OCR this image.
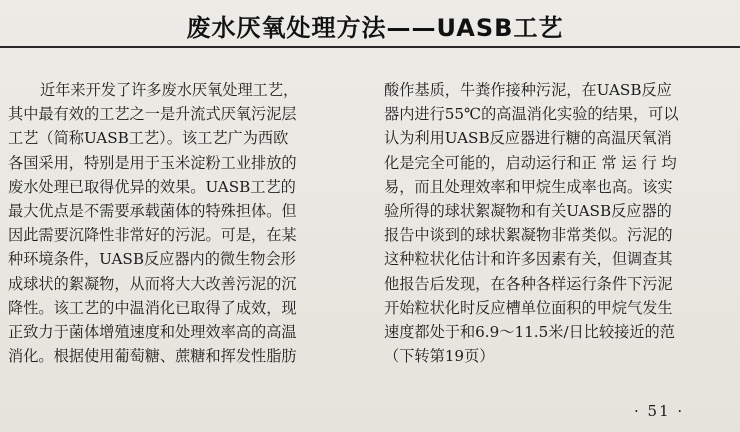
废水厌氧处理方法——UASB工艺
近年来开发了许多废水厌氧处理工艺，
其中最有效的工艺之一是升流式厌氧污泥层
工艺（简称UASB工艺）。该工艺广为西欧
各国采用，特别是用于玉米淀粉工业排放的
废水处理已取得优异的效果。UASB工艺的
最大优点是不需要承载菌体的特殊担体。但
因此需要沉降性非常好的污泥。可是，在某
种环境条件，UASB反应器内的微生物会形
成球状的絮凝物，从而将大大改善污泥的沉
降性。该工艺的中温消化已取得了成效，现
正致力于菌体增殖速度和处理效率高的高温
消化。根据使用葡萄糖、蔗糖和挥发性脂肪
酸作基质，牛粪作接种污泥，在UASB反应
器内进行55℃的高温消化实验的结果，可以
认为利用UASB反应器进行糖的高温厌氧消
化是完全可能的，启动运行和正 常 运 行 均
易，而且处理效率和甲烷生成率也高。该实
验所得的球状絮凝物和有关UASB反应器的
报告中谈到的球状絮凝物非常类似。污泥的
这种粒状化估计和许多因素有关，但调查其
他报告后发现，在各种各样运行条件下污泥
开始粒状化时反应槽单位面积的甲烷气发生
速度都处于和6.9～11.5米/日比较接近的范
（下转第19页）
· 51 ·
